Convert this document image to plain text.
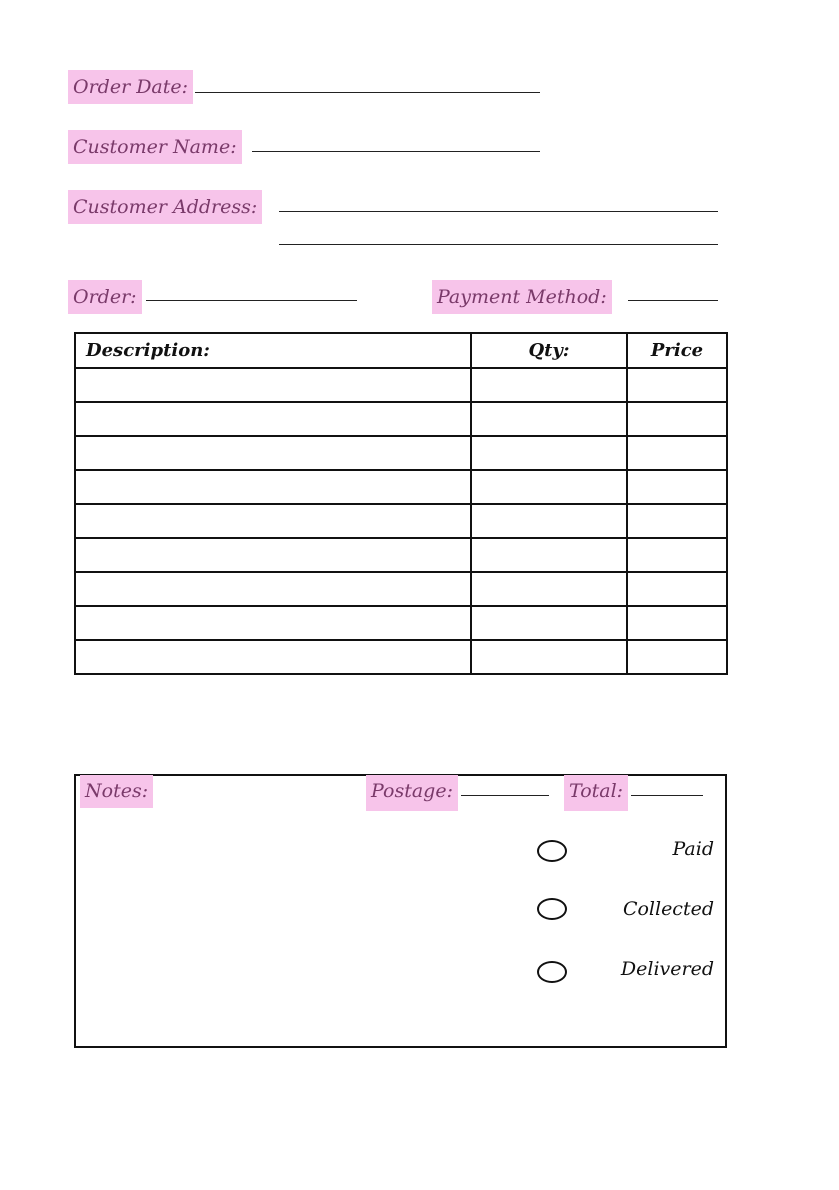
Order Date:
Customer Name:
Customer Address:
Order:	Payment Method:
Description:	Qty:	Price

Notes:	Postage:	Total:
Paid
Collected
Delivered
